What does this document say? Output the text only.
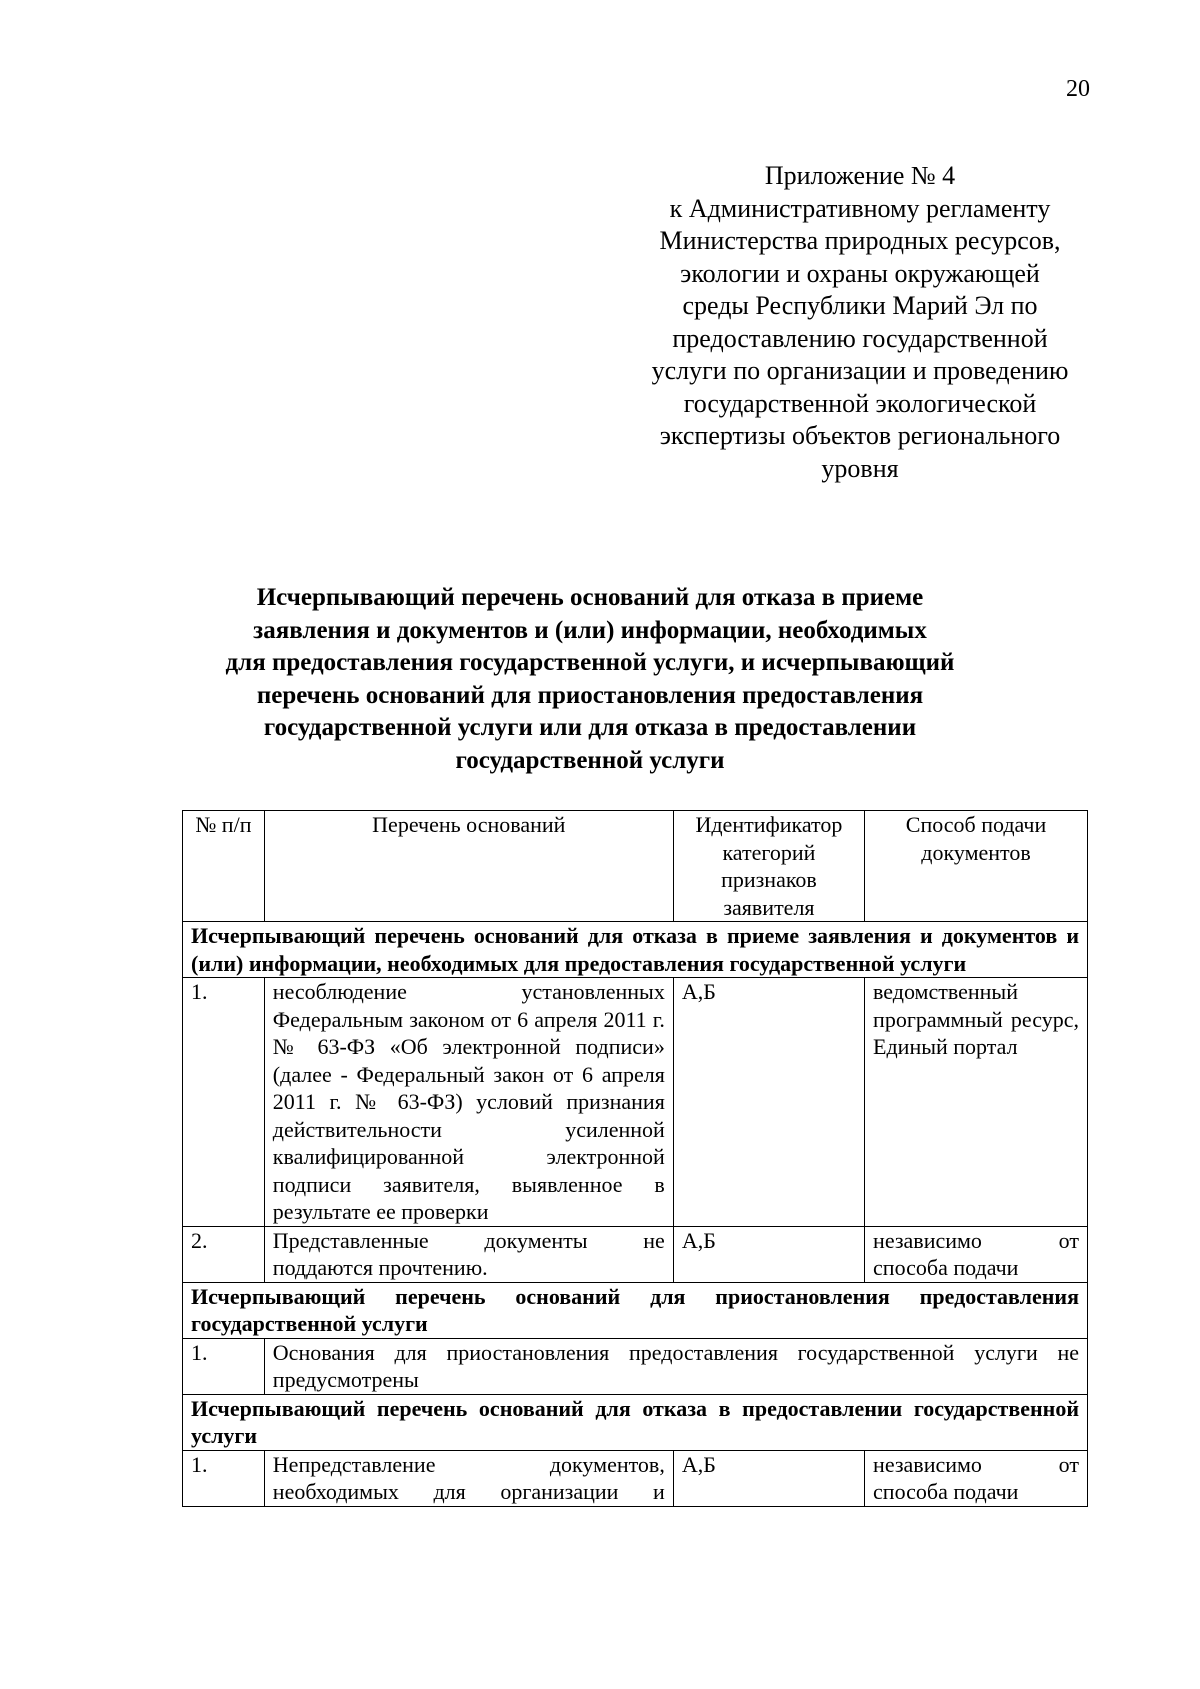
20
Приложение № 4
к Административному регламенту
Министерства природных ресурсов,
экологии и охраны окружающей
среды Республики Марий Эл по
предоставлению государственной
услуги по организации и проведению
государственной экологической
экспертизы объектов регионального
уровня
Исчерпывающий перечень оснований для отказа в приеме
заявления и документов и (или) информации, необходимых
для предоставления государственной услуги, и исчерпывающий
перечень оснований для приостановления предоставления
государственной услуги или для отказа в предоставлении
государственной услуги
№ п/п	Перечень оснований	Идентификатор категорий признаков заявителя	Способ подачи документов
Исчерпывающий перечень оснований для отказа в приеме заявления и документов и (или) информации, необходимых для предоставления государственной услуги			
1.	несоблюдение установленных Федеральным законом от 6 апреля 2011 г. № 63-ФЗ «Об электронной подписи» (далее - Федеральный закон от 6 апреля 2011 г. № 63-ФЗ) условий признания действительности усиленной квалифицированной электронной подписи заявителя, выявленное в результате ее проверки	А,Б	ведомственный программный ресурс, Единый портал
2.	Представленные документы не поддаются прочтению.	А,Б	независимо от способа подачи
Исчерпывающий перечень оснований для приостановления предоставления государственной услуги			
1.	Основания для приостановления предоставления государственной услуги не предусмотрены		
Исчерпывающий перечень оснований для отказа в предоставлении государственной услуги			
1.	Непредставление документов, необходимых для организации и	А,Б	независимо от способа подачи
